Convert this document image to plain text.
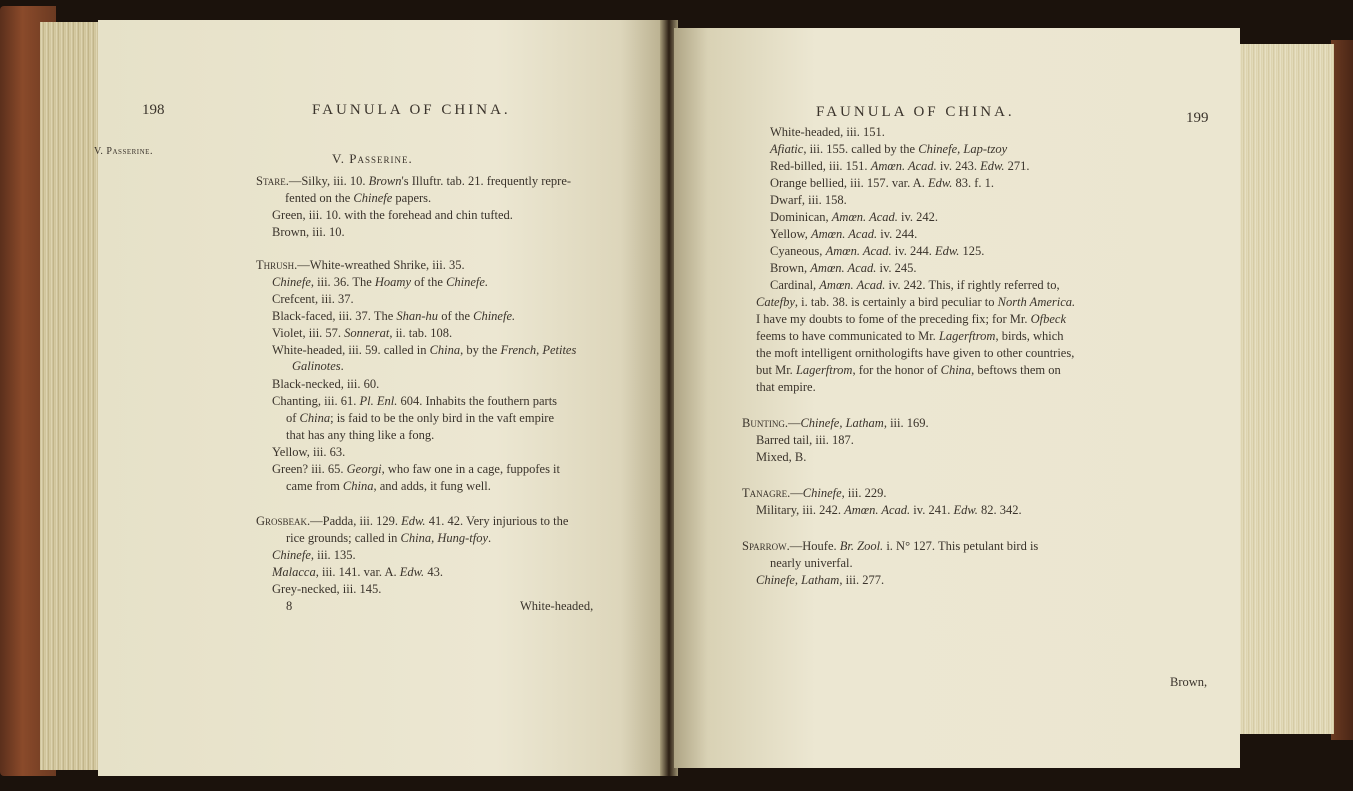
198	FAUNULA OF CHINA.
V. Passerine.	V. Passerine.
Stare.—Silky, iii. 10. Brown's Illuftr. tab. 21. frequently repre-
fented on the Chinefe papers.
Green, iii. 10. with the forehead and chin tufted.
Brown, iii. 10.
Thrush.—White-wreathed Shrike, iii. 35.
Chinefe, iii. 36. The Hoamy of the Chinefe.
Crefcent, iii. 37.
Black-faced, iii. 37. The Shan-hu of the Chinefe.
Violet, iii. 57. Sonnerat, ii. tab. 108.
White-headed, iii. 59. called in China, by the French, Petites
Galinotes.
Black-necked, iii. 60.
Chanting, iii. 61. Pl. Enl. 604. Inhabits the fouthern parts
of China; is faid to be the only bird in the vaft empire
that has any thing like a fong.
Yellow, iii. 63.
Green? iii. 65. Georgi, who faw one in a cage, fuppofes it
came from China, and adds, it fung well.
Grosbeak.—Padda, iii. 129. Edw. 41. 42. Very injurious to the
rice grounds; called in China, Hung-tfoy.
Chinefe, iii. 135.
Malacca, iii. 141. var. A. Edw. 43.
Grey-necked, iii. 145.
8	White-headed,
FAUNULA OF CHINA.	199
White-headed, iii. 151.
Afiatic, iii. 155. called by the Chinefe, Lap-tzoy
Red-billed, iii. 151. Amœn. Acad. iv. 243. Edw. 271.
Orange bellied, iii. 157. var. A. Edw. 83. f. 1.
Dwarf, iii. 158.
Dominican, Amœn. Acad. iv. 242.
Yellow, Amœn. Acad. iv. 244.
Cyaneous, Amœn. Acad. iv. 244. Edw. 125.
Brown, Amœn. Acad. iv. 245.
Cardinal, Amœn. Acad. iv. 242. This, if rightly referred to,
Catefby, i. tab. 38. is certainly a bird peculiar to North America.
I have my doubts to fome of the preceding fix; for Mr. Ofbeck
feems to have communicated to Mr. Lagerftrom, birds, which
the moft intelligent ornithologifts have given to other countries,
but Mr. Lagerftrom, for the honor of China, beftows them on
that empire.
Bunting.—Chinefe, Latham, iii. 169.
Barred tail, iii. 187.
Mixed, B.
Tanagre.—Chinefe, iii. 229.
Military, iii. 242. Amœn. Acad. iv. 241. Edw. 82. 342.
Sparrow.—Houfe. Br. Zool. i. N° 127. This petulant bird is
nearly univerfal.
Chinefe, Latham, iii. 277.
Brown,
